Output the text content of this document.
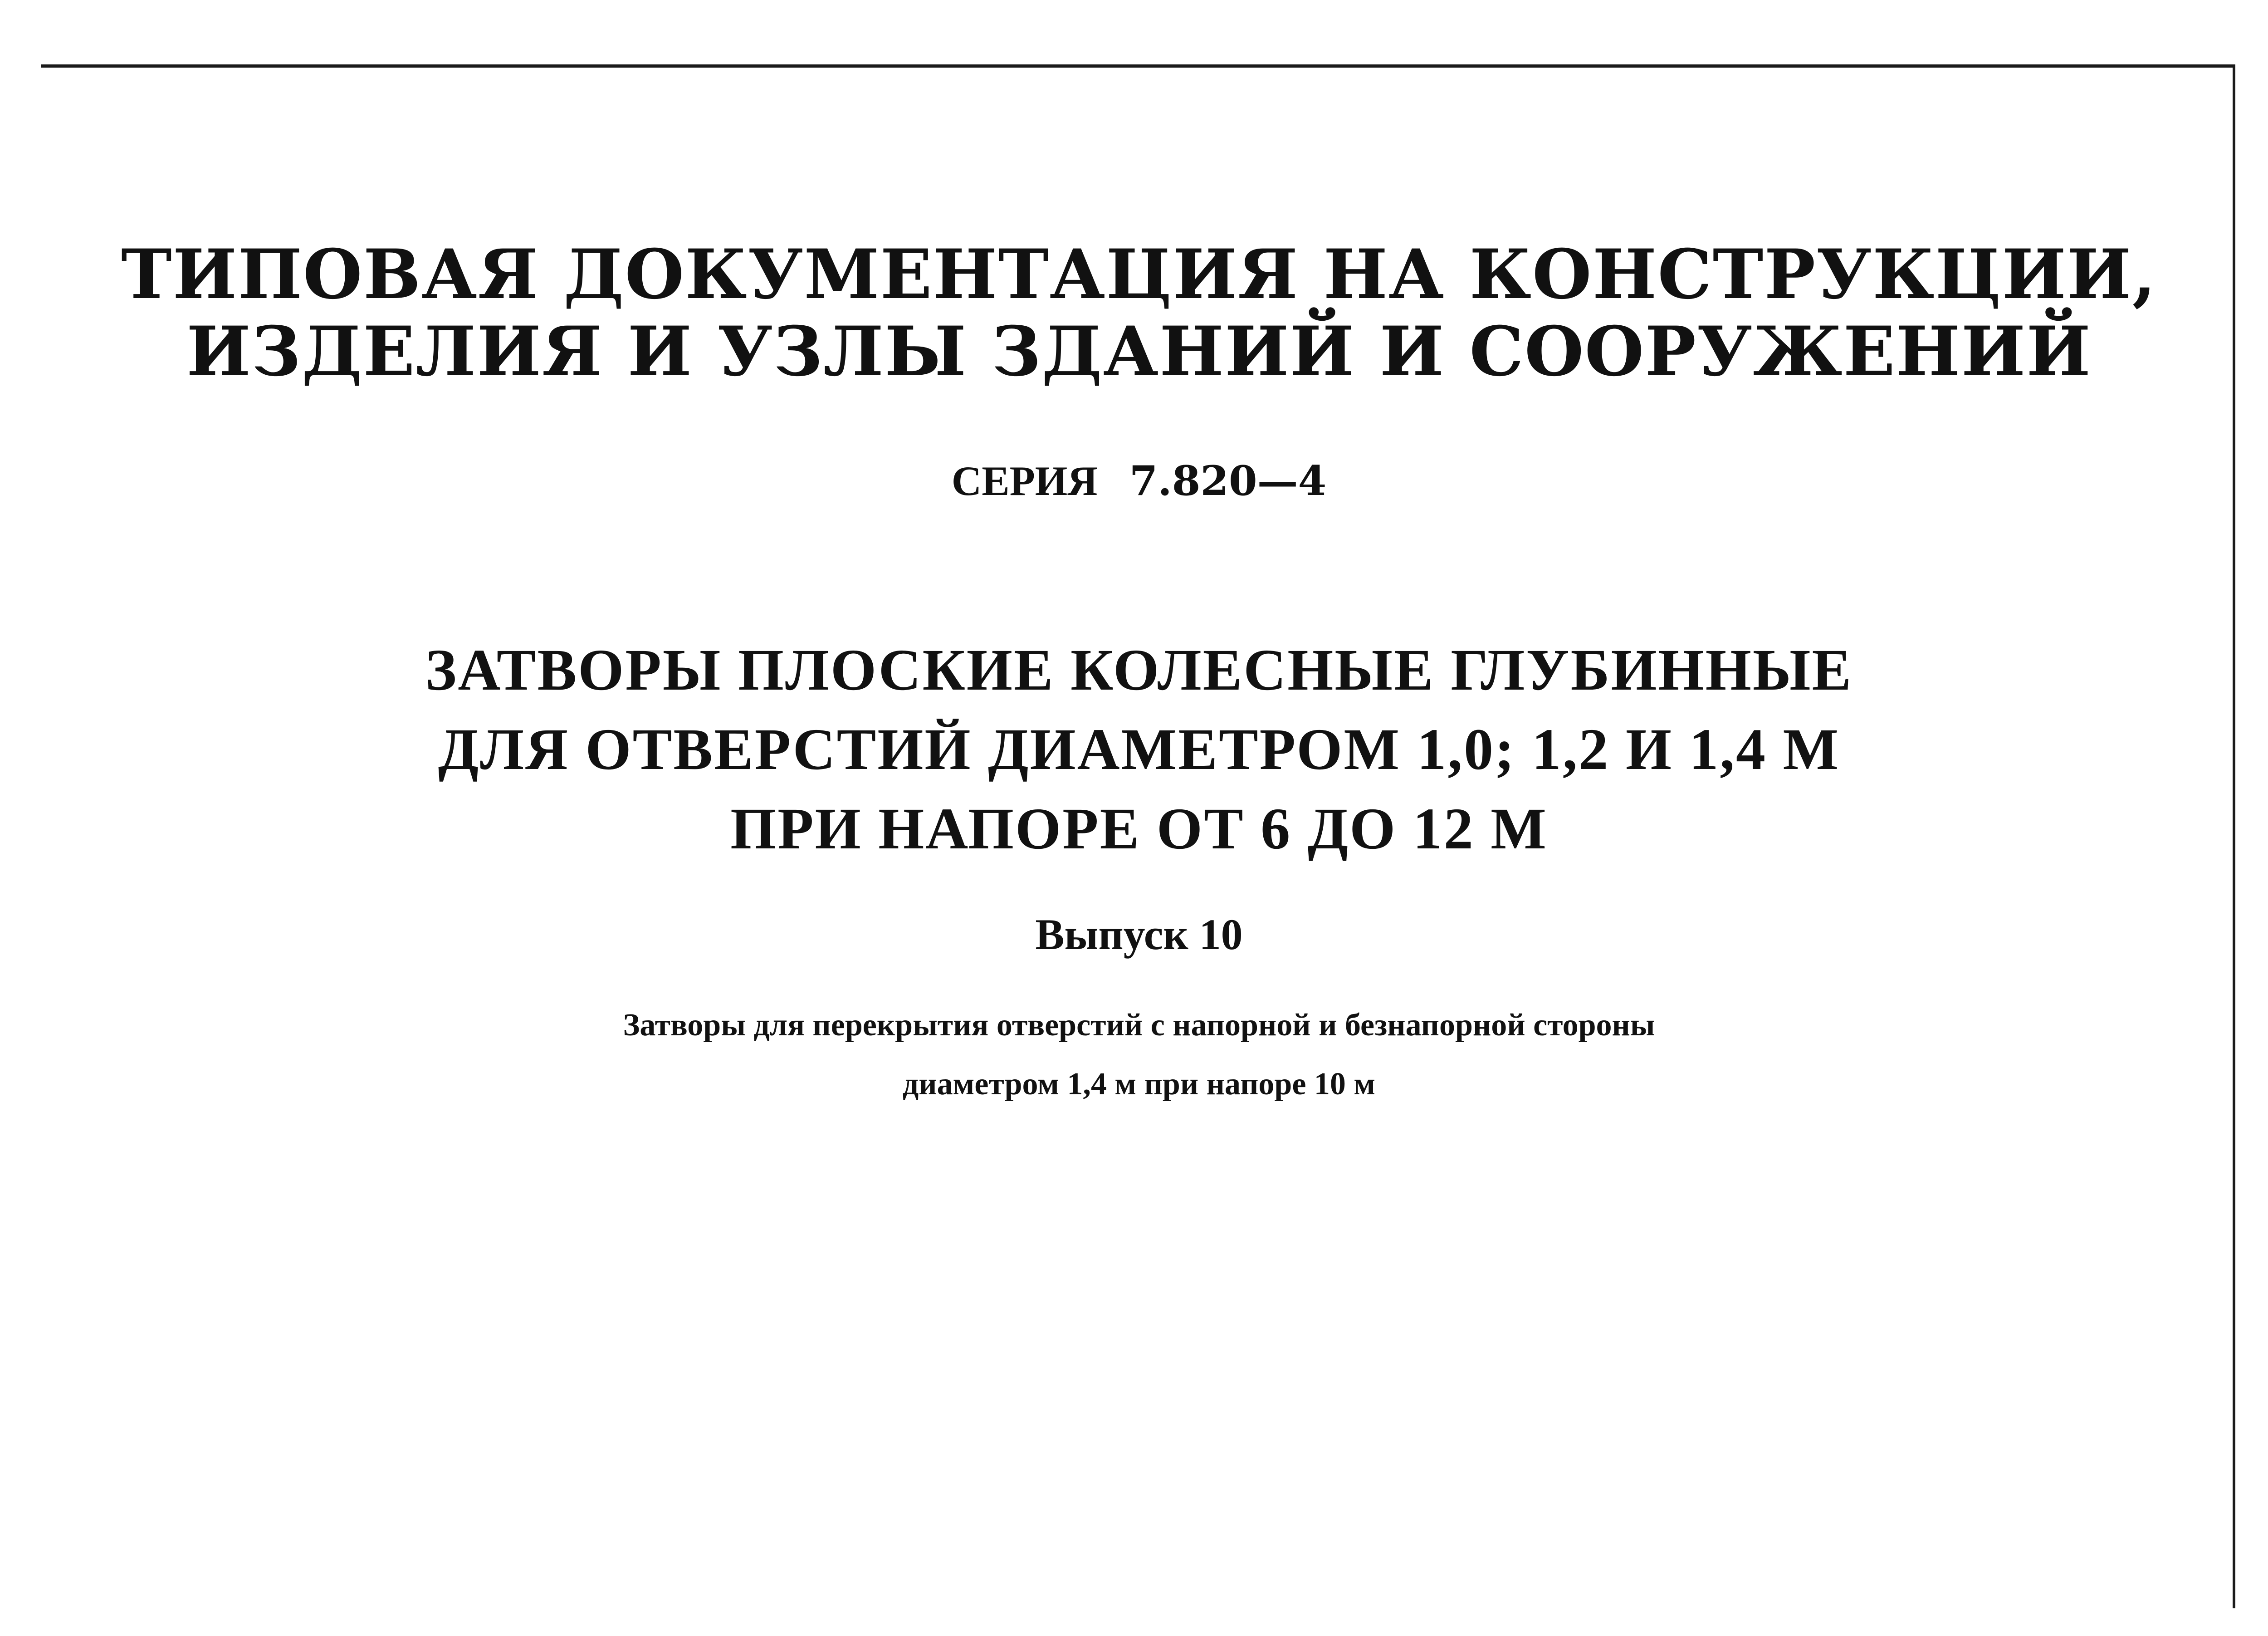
ТИПОВАЯ ДОКУМЕНТАЦИЯ НА КОНСТРУКЦИИ,
ИЗДЕЛИЯ И УЗЛЫ ЗДАНИЙ И СООРУЖЕНИЙ
СЕРИЯ 7.820—4
ЗАТВОРЫ ПЛОСКИЕ КОЛЕСНЫЕ ГЛУБИННЫЕ
ДЛЯ ОТВЕРСТИЙ ДИАМЕТРОМ 1,0; 1,2 И 1,4 М
ПРИ НАПОРЕ ОТ 6 ДО 12 М
Выпуск 10
Затворы для перекрытия отверстий с напорной и безнапорной стороны
диаметром 1,4 м при напоре 10 м
